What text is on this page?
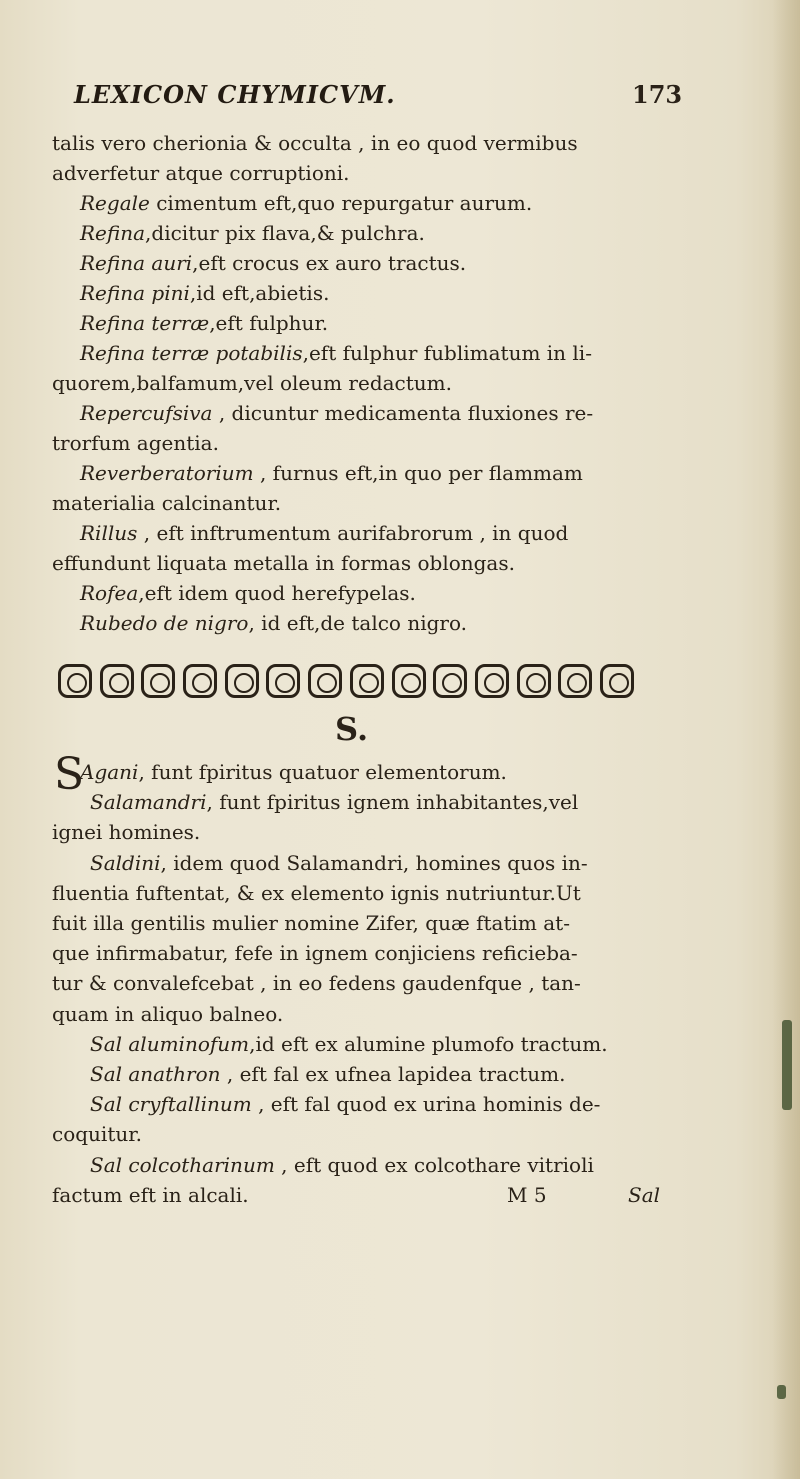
LEXICON CHYMICVM.	173
talis vero cherionia & occulta , in eo quod vermibus
adverfetur atque corruptioni.
Regale cimentum eft,quo repurgatur aurum.
Refina,dicitur pix flava,& pulchra.
Refina auri,eft crocus ex auro tractus.
Refina pini,id eft,abietis.
Refina terræ,eft fulphur.
Refina terræ potabilis,eft fulphur fublimatum in li-
quorem,balfamum,vel oleum redactum.
Repercufsiva , dicuntur medicamenta fluxiones re-
trorfum agentia.
Reverberatorium , furnus eft,in quo per flammam
materialia calcinantur.
Rillus , eft inftrumentum aurifabrorum , in quod
effundunt liquata metalla in formas oblongas.
Rofea,eft idem quod herefypelas.
Rubedo de nigro, id eft,de talco nigro.
S.
S
Agani, funt fpiritus quatuor elementorum.
Salamandri, funt fpiritus ignem inhabitantes,vel
ignei homines.
Saldini, idem quod Salamandri, homines quos in-
fluentia fuftentat, & ex elemento ignis nutriuntur.Ut
fuit illa gentilis mulier nomine Zifer, quæ ftatim at-
que infirmabatur, fefe in ignem conjiciens reficieba-
tur & convalefcebat , in eo fedens gaudenfque , tan-
quam in aliquo balneo.
Sal aluminofum,id eft ex alumine plumofo tractum.
Sal anathron , eft fal ex ufnea lapidea tractum.
Sal cryftallinum , eft fal quod ex urina hominis de-
coquitur.
Sal colcotharinum , eft quod ex colcothare vitrioli
factum eft in alcali.	M 5	Sal
